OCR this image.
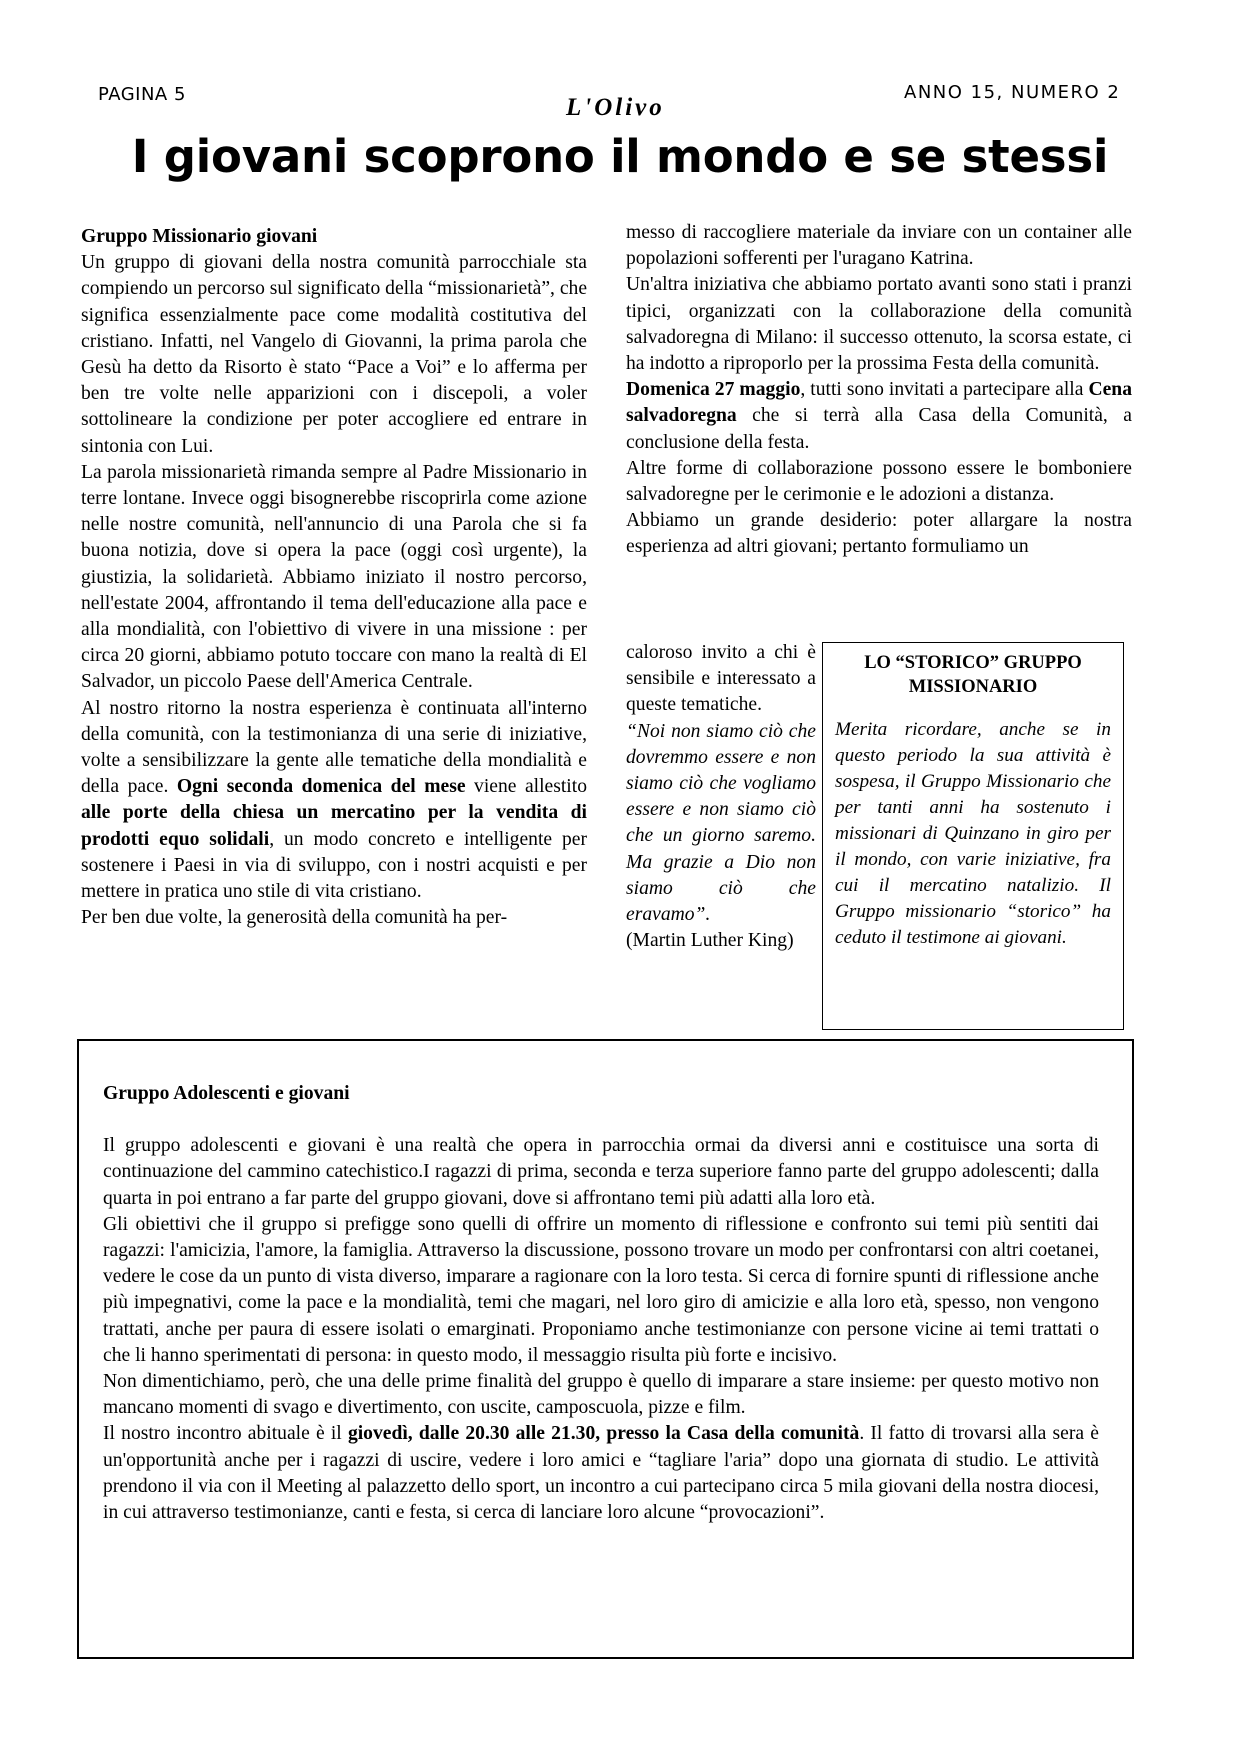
PAGINA 5	L'Olivo
ANNO 15, NUMERO 2
I giovani scoprono il mondo e se stessi

Gruppo Missionario giovani

Un gruppo di giovani della nostra comunità parrocchiale sta compiendo un percorso sul significato della “missionarietà”, che significa essenzialmente pace come modalità costitutiva del cristiano. Infatti, nel Vangelo di Giovanni, la prima parola che Gesù ha detto da Risorto è stato “Pace a Voi” e lo afferma per ben tre volte nelle apparizioni con i discepoli, a voler sottolineare la condizione per poter accogliere ed entrare in sintonia con Lui.

La parola missionarietà rimanda sempre al Padre Missionario in terre lontane. Invece oggi bisognerebbe riscoprirla come azione nelle nostre comunità, nell'annuncio di una Parola che si fa buona notizia, dove si opera la pace (oggi così urgente), la giustizia, la solidarietà. Abbiamo iniziato il nostro percorso, nell'estate 2004, affrontando il tema dell'educazione alla pace e alla mondialità, con l'obiettivo di vivere in una missione : per circa 20 giorni, abbiamo potuto toccare con mano la realtà di El Salvador, un piccolo Paese dell'America Centrale.

Al nostro ritorno la nostra esperienza è continuata all'interno della comunità, con la testimonianza di una serie di iniziative, volte a sensibilizzare la gente alle tematiche della mondialità e della pace. Ogni seconda domenica del mese viene allestito alle porte della chiesa un mercatino per la vendita di prodotti equo solidali, un modo concreto e intelligente per sostenere i Paesi in via di sviluppo, con i nostri acquisti e per mettere in pratica uno stile di vita cristiano.

Per ben due volte, la generosità della comunità ha per-

messo di raccogliere materiale da inviare con un container alle popolazioni sofferenti per l'uragano Katrina.

Un'altra iniziativa che abbiamo portato avanti sono stati i pranzi tipici, organizzati con la collaborazione della comunità salvadoregna di Milano: il successo ottenuto, la scorsa estate, ci ha indotto a riproporlo per la prossima Festa della comunità.

Domenica 27 maggio, tutti sono invitati a partecipare alla Cena salvadoregna che si terrà alla Casa della Comunità, a conclusione della festa.

Altre forme di collaborazione possono essere le bomboniere salvadoregne per le cerimonie e le adozioni a distanza.

Abbiamo un grande desiderio: poter allargare la nostra esperienza ad altri giovani; pertanto formuliamo un

caloroso invito a chi è sensibile e interessato a queste tematiche.

“Noi non siamo ciò che dovremmo essere e non siamo ciò che vogliamo essere e non siamo ciò che un giorno saremo. Ma grazie a Dio non siamo ciò che eravamo”.

(Martin Luther King)

LO “STORICO” GRUPPO MISSIONARIO

Merita ricordare, anche se in questo periodo la sua attività è sospesa, il Gruppo Missionario che per tanti anni ha sostenuto i missionari di Quinzano in giro per il mondo, con varie iniziative, fra cui il mercatino natalizio. Il Gruppo missionario “storico” ha ceduto il testimone ai giovani.

Gruppo Adolescenti e giovani

Il gruppo adolescenti e giovani è una realtà che opera in parrocchia ormai da diversi anni e costituisce una sorta di continuazione del cammino catechistico.I ragazzi di prima, seconda e terza superiore fanno parte del gruppo adolescenti; dalla quarta in poi entrano a far parte del gruppo giovani, dove si affrontano temi più adatti alla loro età.

Gli obiettivi che il gruppo si prefigge sono quelli di offrire un momento di riflessione e confronto sui temi più sentiti dai ragazzi: l'amicizia, l'amore, la famiglia. Attraverso la discussione, possono trovare un modo per confrontarsi con altri coetanei, vedere le cose da un punto di vista diverso, imparare a ragionare con la loro testa. Si cerca di fornire spunti di riflessione anche più impegnativi, come la pace e la mondialità, temi che magari, nel loro giro di amicizie e alla loro età, spesso, non vengono trattati, anche per paura di essere isolati o emarginati. Proponiamo anche testimonianze con persone vicine ai temi trattati o che li hanno sperimentati di persona: in questo modo, il messaggio risulta più forte e incisivo.

Non dimentichiamo, però, che una delle prime finalità del gruppo è quello di imparare a stare insieme: per questo motivo non mancano momenti di svago e divertimento, con uscite, camposcuola, pizze e film.

Il nostro incontro abituale è il giovedì, dalle 20.30 alle 21.30, presso la Casa della comunità. Il fatto di trovarsi alla sera è un'opportunità anche per i ragazzi di uscire, vedere i loro amici e “tagliare l'aria” dopo una giornata di studio. Le attività prendono il via con il Meeting al palazzetto dello sport, un incontro a cui partecipano circa 5 mila giovani della nostra diocesi, in cui attraverso testimonianze, canti e festa, si cerca di lanciare loro alcune “provocazioni”.
